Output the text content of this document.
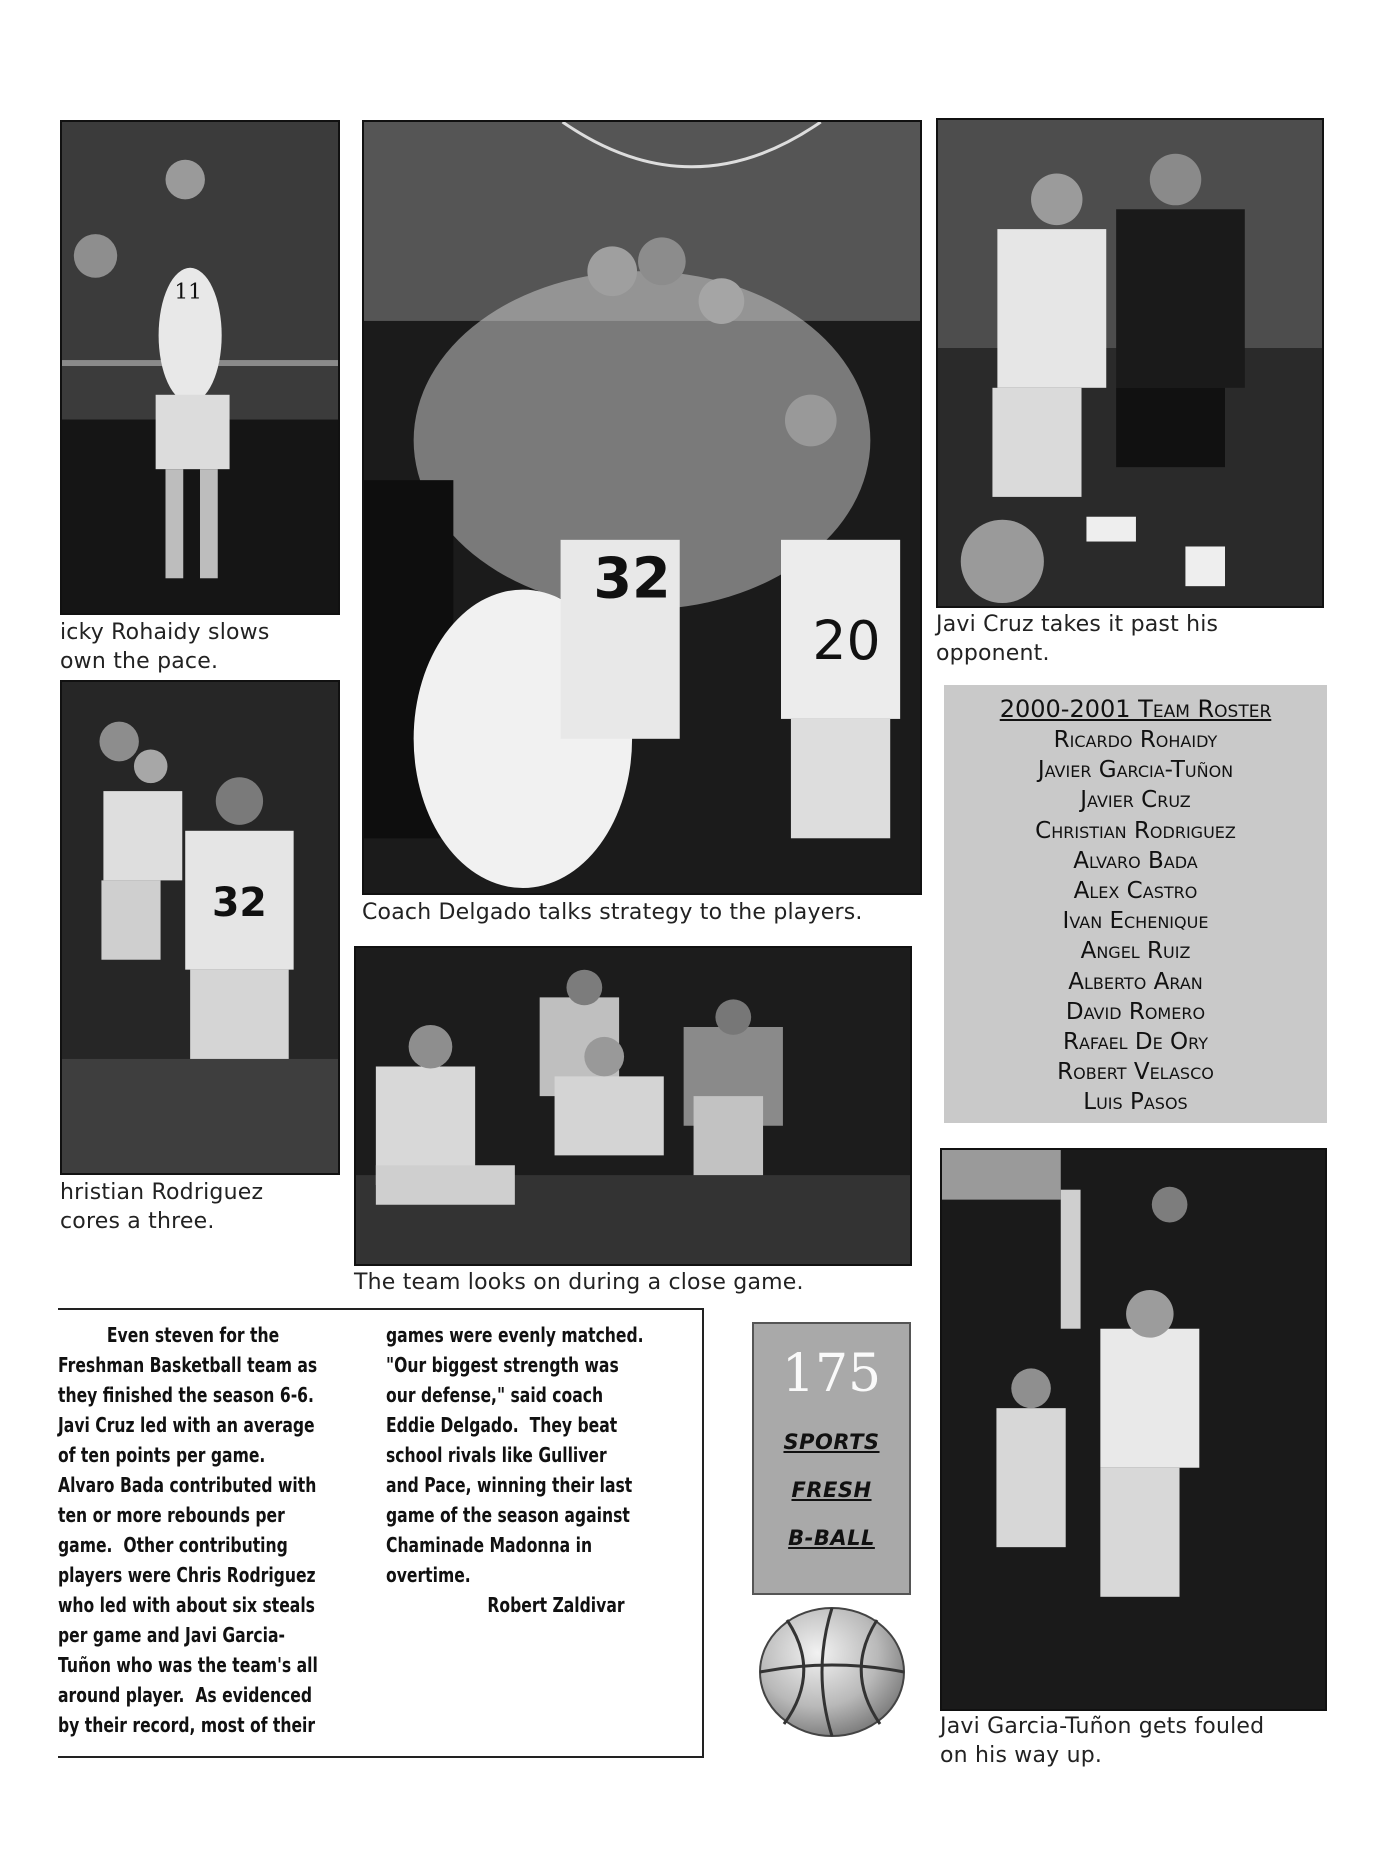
11
icky Rohaidy slows
own the pace.
32
hristian Rodriguez
cores a three.
32
20
Coach Delgado talks strategy to the players.
Javi Cruz takes it past his
opponent.
2000-2001 Team Roster
Ricardo Rohaidy
Javier Garcia-Tuñon
Javier Cruz
Christian Rodriguez
Alvaro Bada
Alex Castro
Ivan Echenique
Angel Ruiz
Alberto Aran
David Romero
Rafael De Ory
Robert Velasco
Luis Pasos
The team looks on during a close game.

Even steven for the

Freshman Basketball team as

they finished the season 6-6.

Javi Cruz led with an average

of ten points per game.

Alvaro Bada contributed with

ten or more rebounds per

game.  Other contributing

players were Chris Rodriguez

who led with about six steals

per game and Javi Garcia-

Tuñon who was the team's all

around player.  As evidenced

by their record, most of their

games were evenly matched.

"Our biggest strength was

our defense," said coach

Eddie Delgado.  They beat

school rivals like Gulliver

and Pace, winning their last

game of the season against

Chaminade Madonna in

overtime.

Robert Zaldivar

175
SPORTS
FRESH
B-BALL
Javi Garcia-Tuñon gets fouled
on his way up.
